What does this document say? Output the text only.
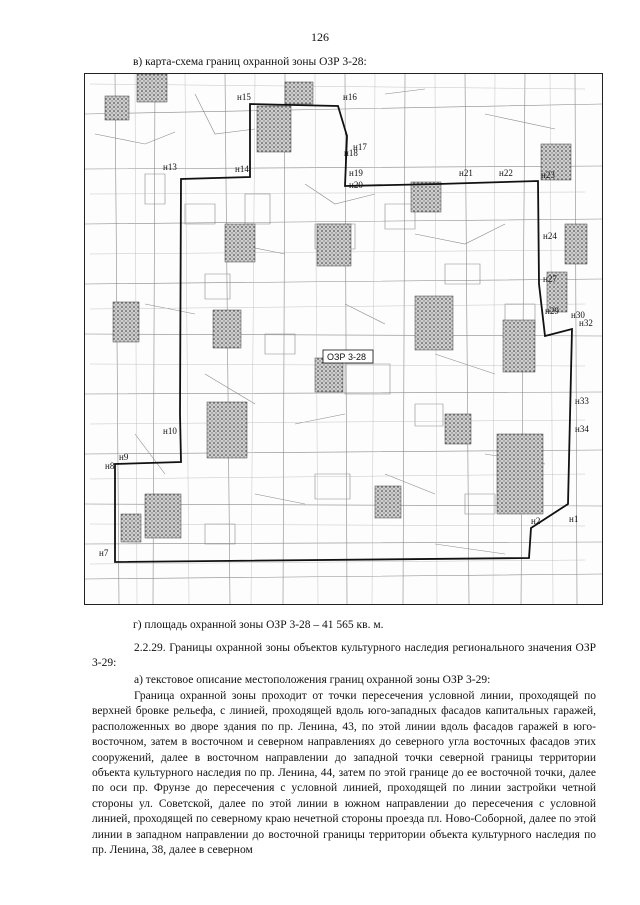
126
в) карта-схема границ охранной зоны ОЗР 3-28:
ОЗР 3-28
н15	н16
н17
н18
н19
н20
н21	н22	н23
н13	н14
н24
н27
н29 н30
н32
н33
н34
н1
н2
н7
н8
н9
н10
г) площадь охранной зоны ОЗР 3-28 – 41 565 кв. м.
2.2.29. Границы охранной зоны объектов культурного наследия регионального значения ОЗР 3-29:
а) текстовое описание местоположения границ охранной зоны ОЗР 3-29:
Граница охранной зоны проходит от точки пересечения условной линии, проходящей по верхней бровке рельефа, с линией, проходящей вдоль юго-западных фасадов капитальных гаражей, расположенных во дворе здания по пр. Ленина, 43, по этой линии вдоль фасадов гаражей в юго-восточном, затем в восточном и северном направлениях до северного угла восточных фасадов этих сооружений, далее в восточном направлении до западной точки северной границы территории объекта культурного наследия по пр. Ленина, 44, затем по этой границе до ее восточной точки, далее по оси пр. Фрунзе до пересечения с условной линией, проходящей по линии застройки четной стороны ул. Советской, далее по этой линии в южном направлении до пересечения с условной линией, проходящей по северному краю нечетной стороны проезда пл. Ново-Соборной, далее по этой линии в западном направлении до восточной границы территории объекта культурного наследия по пр. Ленина, 38, далее в северном
